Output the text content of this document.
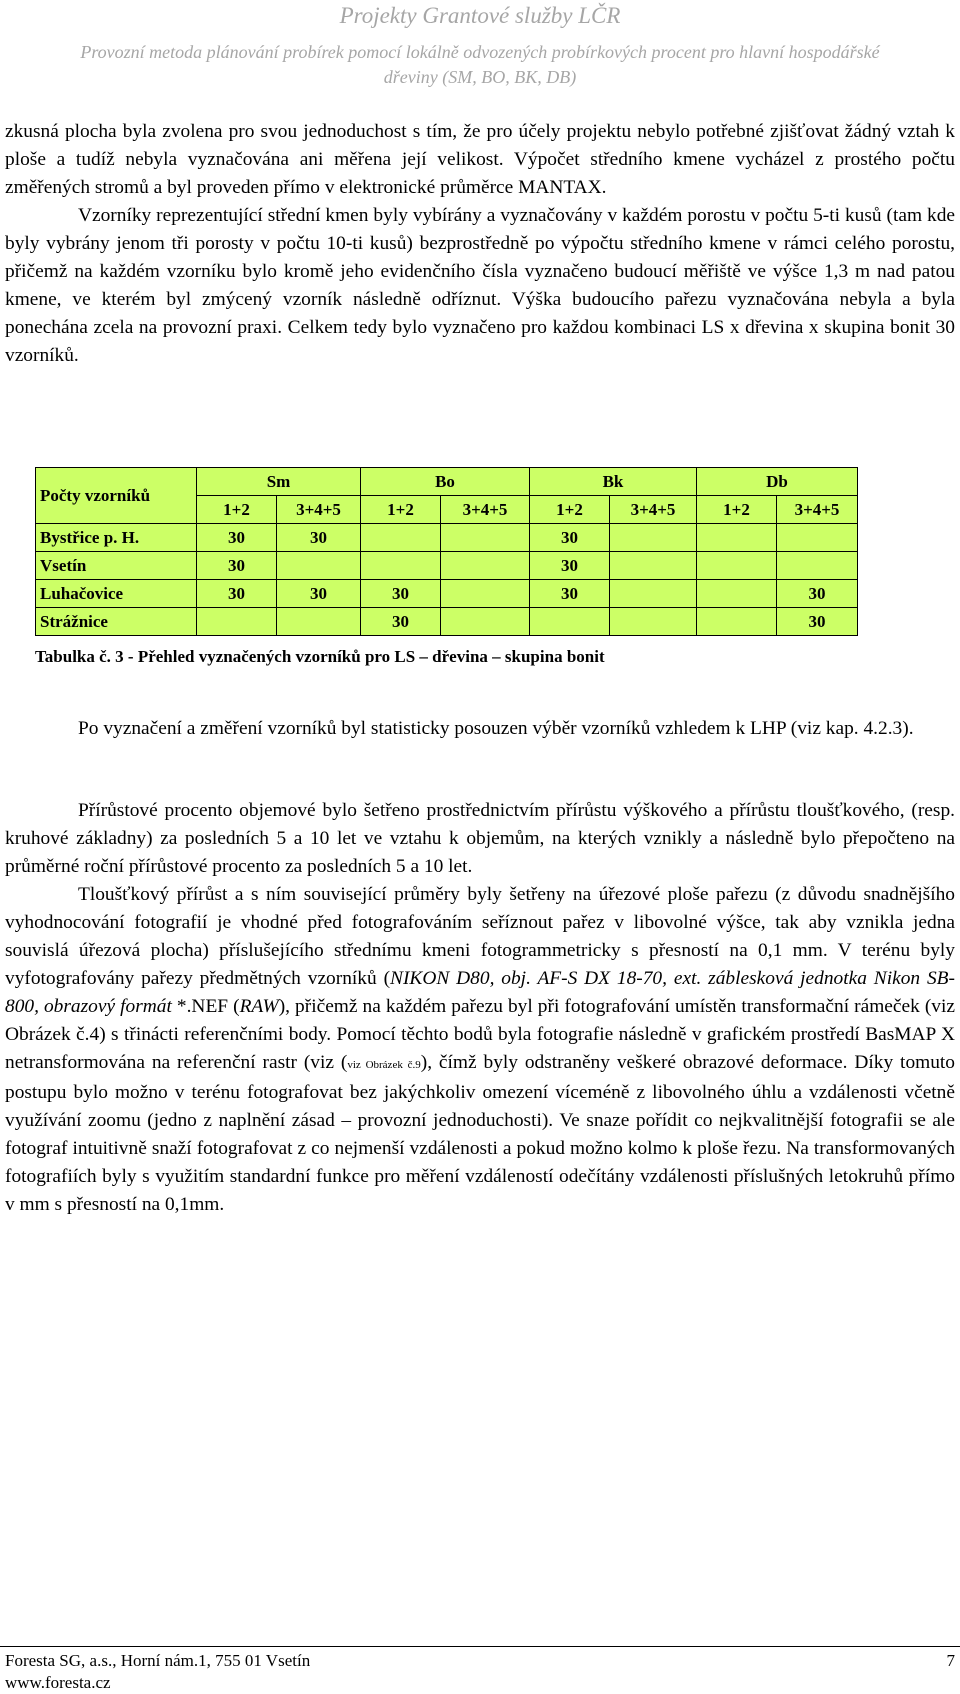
Projekty Grantové služby LČR
Provozní metoda plánování probírek pomocí lokálně odvozených probírkových procent pro hlavní hospodářské
dřeviny (SM, BO, BK, DB)

zkusná plocha byla zvolena pro svou jednoduchost s tím, že pro účely projektu nebylo potřebné zjišťovat žádný vztah k ploše a tudíž nebyla vyznačována ani měřena její velikost. Výpočet středního kmene vycházel z prostého počtu změřených stromů a byl proveden přímo v elektronické průměrce MANTAX.

Vzorníky reprezentující střední kmen byly vybírány a vyznačovány v každém porostu v počtu 5-ti kusů (tam kde byly vybrány jenom tři porosty v počtu 10-ti kusů) bezprostředně po výpočtu středního kmene v rámci celého porostu, přičemž na každém vzorníku bylo kromě jeho evidenčního čísla vyznačeno budoucí měřiště ve výšce 1,3 m nad patou kmene, ve kterém byl zmýcený vzorník následně odříznut. Výška budoucího pařezu vyznačována nebyla a byla ponechána zcela na provozní praxi. Celkem tedy bylo vyznačeno pro každou kombinaci LS x dřevina x skupina bonit 30 vzorníků.

Počty vzorníků	Sm		Bo		Bk		Db	
	1+2	3+4+5	1+2	3+4+5	1+2	3+4+5	1+2	3+4+5
Bystřice p. H.	30	30			30			
Vsetín	30				30			
Luhačovice	30	30	30		30			30
Strážnice			30					30
Tabulka č. 3 - Přehled vyznačených vzorníků pro LS – dřevina – skupina bonit

Po vyznačení a změření vzorníků byl statisticky posouzen výběr vzorníků vzhledem k LHP (viz kap. 4.2.3).

Přírůstové procento objemové bylo šetřeno prostřednictvím přírůstu výškového a přírůstu tloušťkového, (resp. kruhové základny) za posledních 5 a 10 let ve vztahu k objemům, na kterých vznikly a následně bylo přepočteno na průměrné roční přírůstové procento za posledních 5 a 10 let.

Tloušťkový přírůst a s ním související průměry byly šetřeny na úřezové ploše pařezu (z důvodu snadnějšího vyhodnocování fotografií je vhodné před fotografováním seříznout pařez v libovolné výšce, tak aby vznikla jedna souvislá úřezová plocha) příslušejícího střednímu kmeni fotogrammetricky s přesností na 0,1 mm. V terénu byly vyfotografovány pařezy předmětných vzorníků (NIKON D80, obj. AF-S DX 18-70, ext. záblesková jednotka Nikon SB-800, obrazový formát *.NEF (RAW), přičemž na každém pařezu byl při fotografování umístěn transformační rámeček (viz Obrázek č.4) s třinácti referenčními body. Pomocí těchto bodů byla fotografie následně v grafickém prostředí BasMAP X netransformována na referenční rastr (viz (viz Obrázek č.9), čímž byly odstraněny veškeré obrazové deformace. Díky tomuto postupu bylo možno v terénu fotografovat bez jakýchkoliv omezení víceméně z libovolného úhlu a vzdálenosti včetně využívání zoomu (jedno z naplnění zásad – provozní jednoduchosti). Ve snaze pořídit co nejkvalitnější fotografii se ale fotograf intuitivně snaží fotografovat z co nejmenší vzdálenosti a pokud možno kolmo k ploše řezu. Na transformovaných fotografiích byly s využitím standardní funkce pro měření vzdáleností odečítány vzdálenosti příslušných letokruhů přímo v mm s přesností na 0,1mm.

Foresta SG, a.s., Horní nám.1, 755 01 Vsetín
www.foresta.cz
7
